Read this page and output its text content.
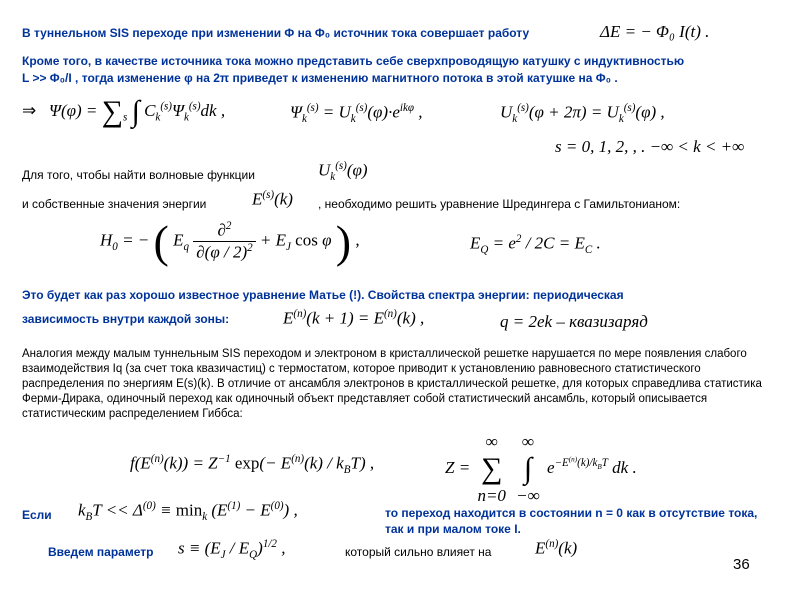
В туннельном SIS переходе при изменении Φ на Φ₀ источник тока совершает работу	ΔE = − Φ₀ I(t) .
Кроме того, в качестве источника тока можно представить себе сверхпроводящую катушку с индуктивностью
L >> Φ₀/I , тогда изменение φ на 2π приведет к изменению магнитного потока в этой катушке на Φ₀ .
⇒   $\Psi(\varphi) = \sum_s$ ∫ $C_k^{(s)}\Psi_k^{(s)}dk$ ,	$\Psi_k^{(s)} = U_k^{(s)}(\varphi)\cdot e^{ik\varphi}$ ,	$U_k^{(s)}(\varphi + 2\pi) = U_k^{(s)}(\varphi)$ ,
s = 0, 1, 2, , . −∞ < k < +∞
Для того, чтобы найти волновые функции	$U_k^{(s)}(\varphi)$
и собственные значения энергии	$E^{(s)}(k)$ , необходимо решить уравнение Шредингера с Гамильтонианом:
$H_0$ = − ( $E_q \frac{\partial^2}{\partial(\varphi / 2)^2} + E_J$ cos φ ) ,	$E_Q = e^2 / 2C = E_C$ .
Это будет как раз хорошо известное уравнение Матье (!). Свойства спектра энергии: периодическая
зависимость внутри каждой зоны:	$E^{(n)}(k + 1) = E^{(n)}(k)$ ,	q = 2ek – квазизаряд
Аналогия между малым туннельным SIS переходом и электроном в кристаллической решетке нарушается по мере появления слабого взаимодействия Iq (за счет тока квазичастиц) с термостатом, которое приводит к установлению равновесного статистического распределения по энергиям E(s)(k). В отличие от ансамбля электронов в кристаллической решетке, для которых справедлива статистика Ферми-Дирака, одиночный переход как одиночный объект представляет собой статистический ансамбль, который описывается статистическим распределением Гиббса:
$f(E^{(n)}(k)) = Z^{-1}$ $\exp(- E^{(n)}(k) / k_BT)$ ,	Z =
∞
∑
n=0

∞
∫
−∞
$e^{-E^{(n)}(k)/k_BT}$ dk .
Если $k_BT << \Delta^{(0)} \equiv \min_k (E^{(1)} - E^{(0)})$ ,	то переход находится в состоянии n = 0 как в отсутствие тока,
так и при малом токе I.
Введем параметр $s \equiv (E_J / E_Q)^{1/2}$ ,	который сильно влияет на	$E^{(n)}(k)$
36
